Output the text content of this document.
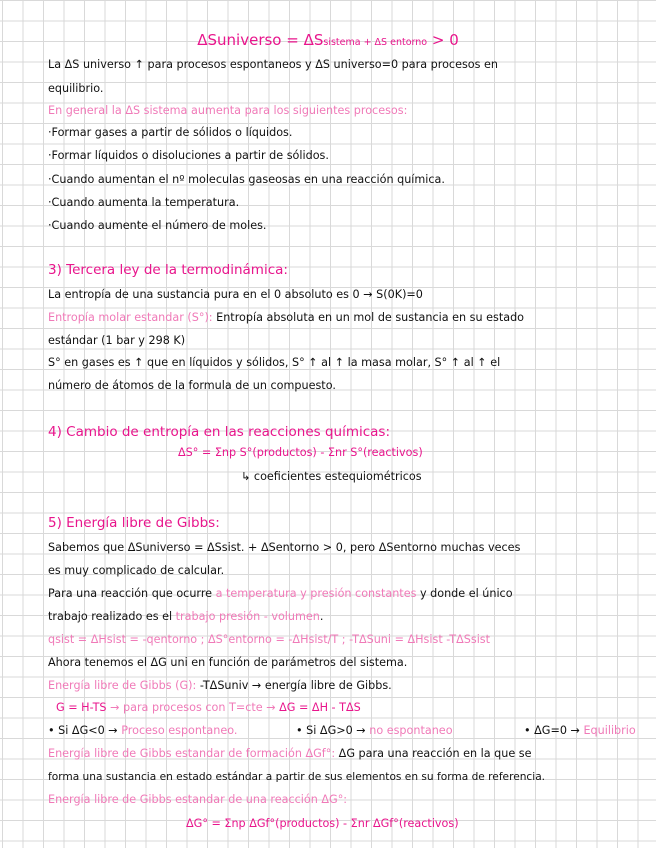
ΔSuniverso = ΔSsistema + ΔS entorno > 0
La ΔS universo ↑ para procesos espontaneos y ΔS universo=0 para procesos en
equilibrio.
En general la ΔS sistema aumenta para los siguientes procesos:
·Formar gases a partir de sólidos o líquidos.
·Formar líquidos o disoluciones a partir de sólidos.
·Cuando aumentan el nº moleculas gaseosas en una reacción química.
·Cuando aumenta la temperatura.
·Cuando aumente el número de moles.
3) Tercera ley de la termodinámica:
La entropía de una sustancia pura en el 0 absoluto es 0 → S(0K)=0
Entropía molar estandar (S°): Entropía absoluta en un mol de sustancia en su estado
estándar (1 bar y 298 K)
S° en gases es ↑ que en líquidos y sólidos, S° ↑ al ↑ la masa molar, S° ↑ al ↑ el
número de átomos de la formula de un compuesto.
4) Cambio de entropía en las reacciones químicas:
ΔS° = Σnp S°(productos) - Σnr S°(reactivos)
↳ coeficientes estequiométricos
5) Energía libre de Gibbs:
Sabemos que ΔSuniverso = ΔSsist. + ΔSentorno > 0, pero ΔSentorno muchas veces
es muy complicado de calcular.
Para una reacción que ocurre a temperatura y presión constantes y donde el único
trabajo realizado es el trabajo presión - volumen.
qsist = ΔHsist = -qentorno ; ΔS°entorno = -ΔHsist/T ; -TΔSuni = ΔHsist -TΔSsist
Ahora tenemos el ΔG uni en función de parámetros del sistema.
Energía libre de Gibbs (G): -TΔSuniv → energía libre de Gibbs.
G = H-TS → para procesos con T=cte → ΔG = ΔH - TΔS
• Si ΔG<0 → Proceso espontaneo.	• Si ΔG>0 → no espontaneo	• ΔG=0 → Equilibrio
Energía libre de Gibbs estandar de formación ΔGf°: ΔG para una reacción en la que se
forma una sustancia en estado estándar a partir de sus elementos en su forma de referencia.
Energía libre de Gibbs estandar de una reacción ΔG°:
ΔG° = Σnp ΔGf°(productos) - Σnr ΔGf°(reactivos)
